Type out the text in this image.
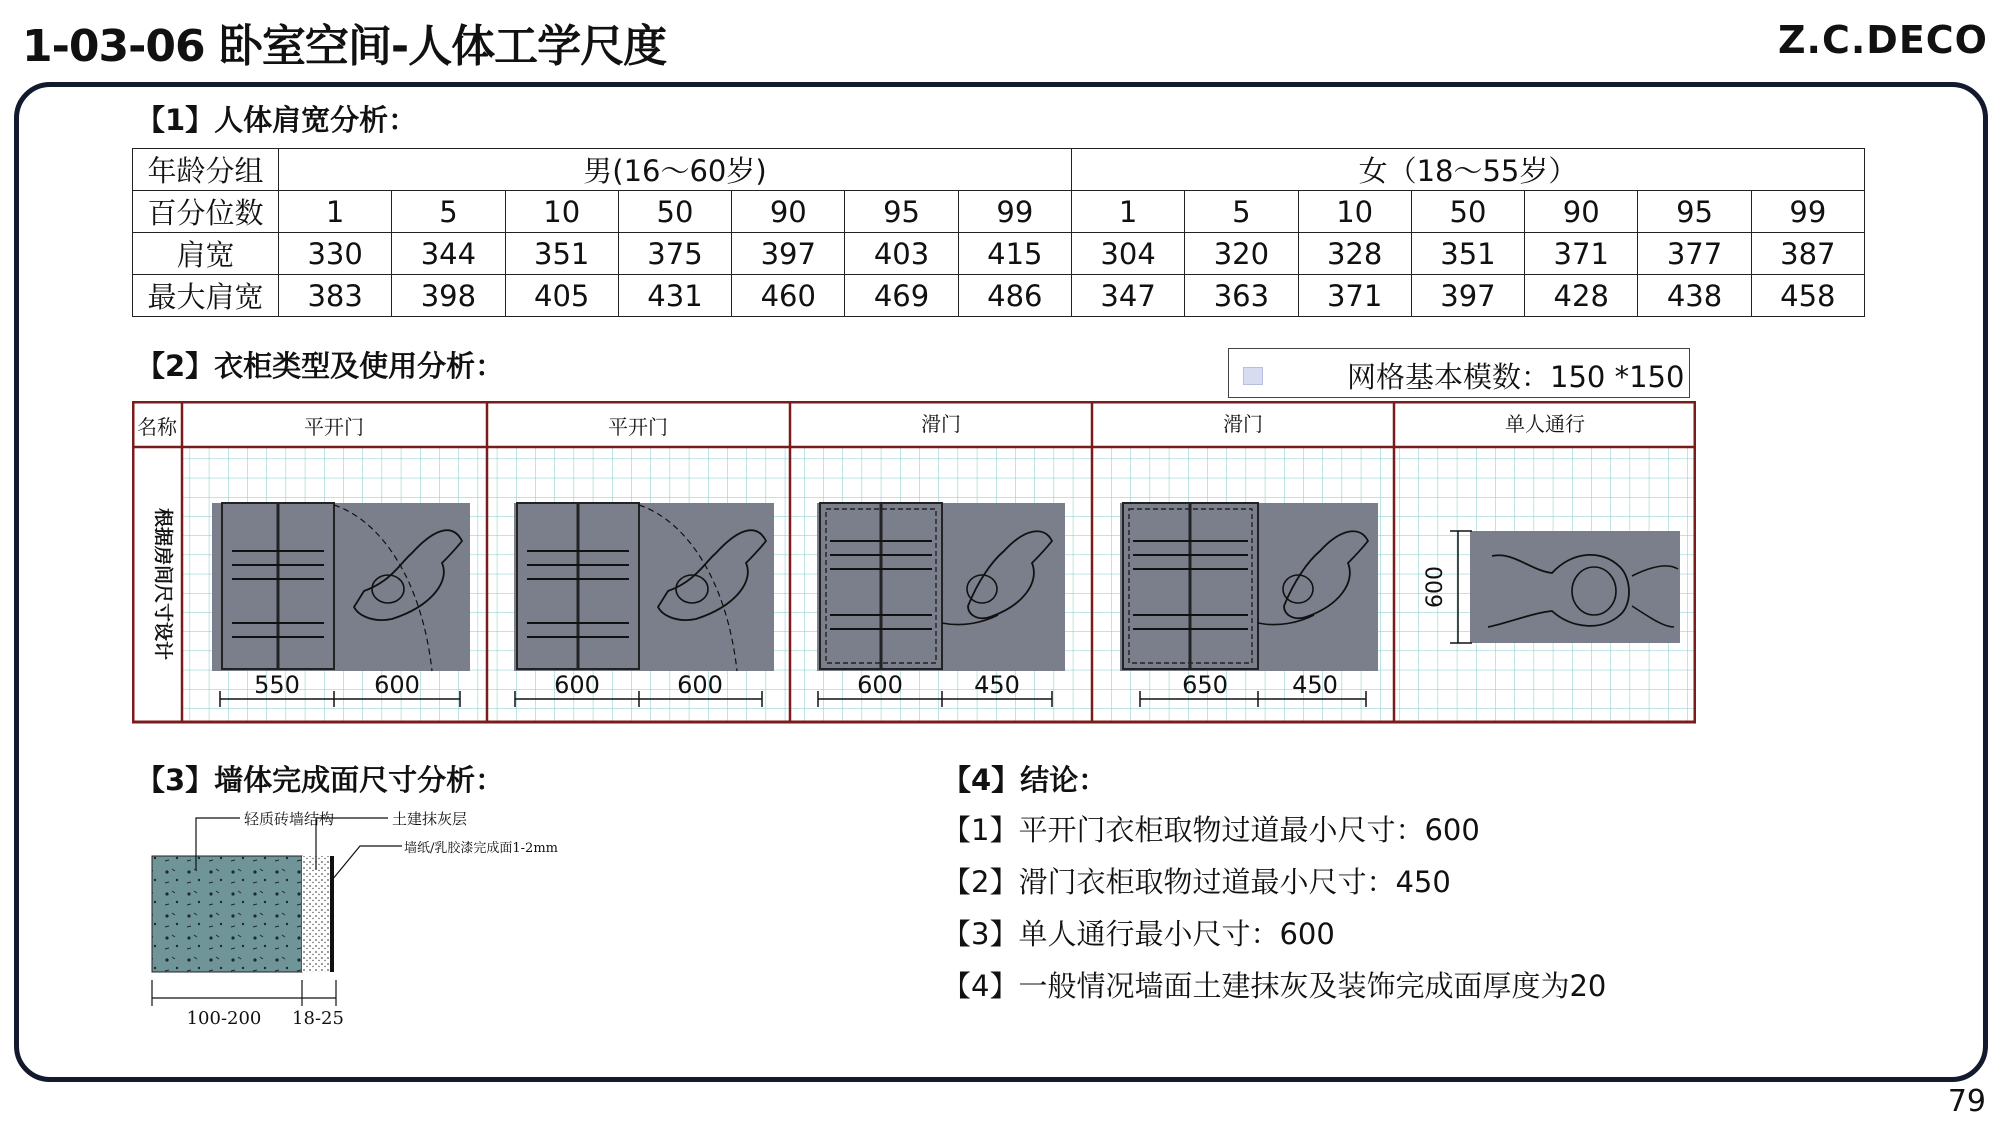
1-03-06 卧室空间-人体工学尺度	Z.C.DECO
79
【1】人体肩宽分析：
年龄分组	男(16～60岁)							女（18～55岁）						
百分位数	1	5	10	50	90	95	99	1	5	10	50	90	95	99
肩宽	330	344	351	375	397	403	415	304	320	328	351	371	377	387
最大肩宽	383	398	405	431	460	469	486	347	363	371	397	428	438	458
【2】衣柜类型及使用分析：	网格基本模数：150 *150
名称	平开门	平开门	滑门	滑门	单人通行
根据房间尺寸设计
550	600	600	600	600	450	650	450
600
【3】墙体完成面尺寸分析：
轻质砖墙结构	土建抹灰层
墙纸/乳胶漆完成面1-2mm
100-200 18-25
【4】结论：
【1】平开门衣柜取物过道最小尺寸：600
【2】滑门衣柜取物过道最小尺寸：450
【3】单人通行最小尺寸：600
【4】一般情况墙面土建抹灰及装饰完成面厚度为20
